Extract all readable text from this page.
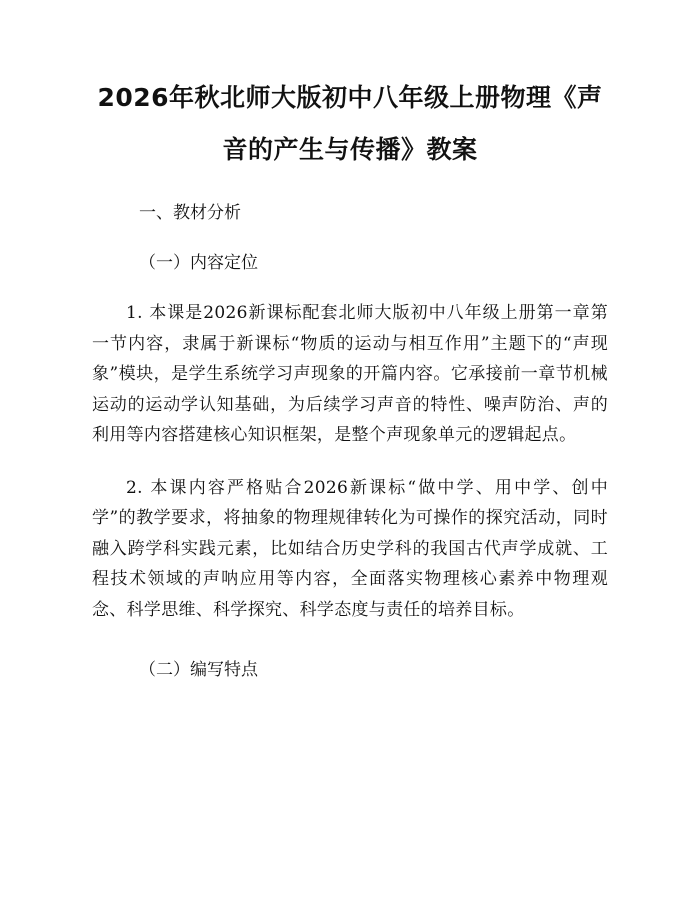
2026年秋北师大版初中八年级上册物理《声
音的产生与传播》教案
一、教材分析
（一）内容定位

1. 本课是2026新课标配套北师大版初中八年级上册第一章第一节内容，隶属于新课标“物质的运动与相互作用”主题下的“声现象”模块，是学生系统学习声现象的开篇内容。它承接前一章节机械运动的运动学认知基础，为后续学习声音的特性、噪声防治、声的利用等内容搭建核心知识框架，是整个声现象单元的逻辑起点。

2. 本课内容严格贴合2026新课标“做中学、用中学、创中学”的教学要求，将抽象的物理规律转化为可操作的探究活动，同时融入跨学科实践元素，比如结合历史学科的我国古代声学成就、工程技术领域的声呐应用等内容，全面落实物理核心素养中物理观念、科学思维、科学探究、科学态度与责任的培养目标。

（二）编写特点
